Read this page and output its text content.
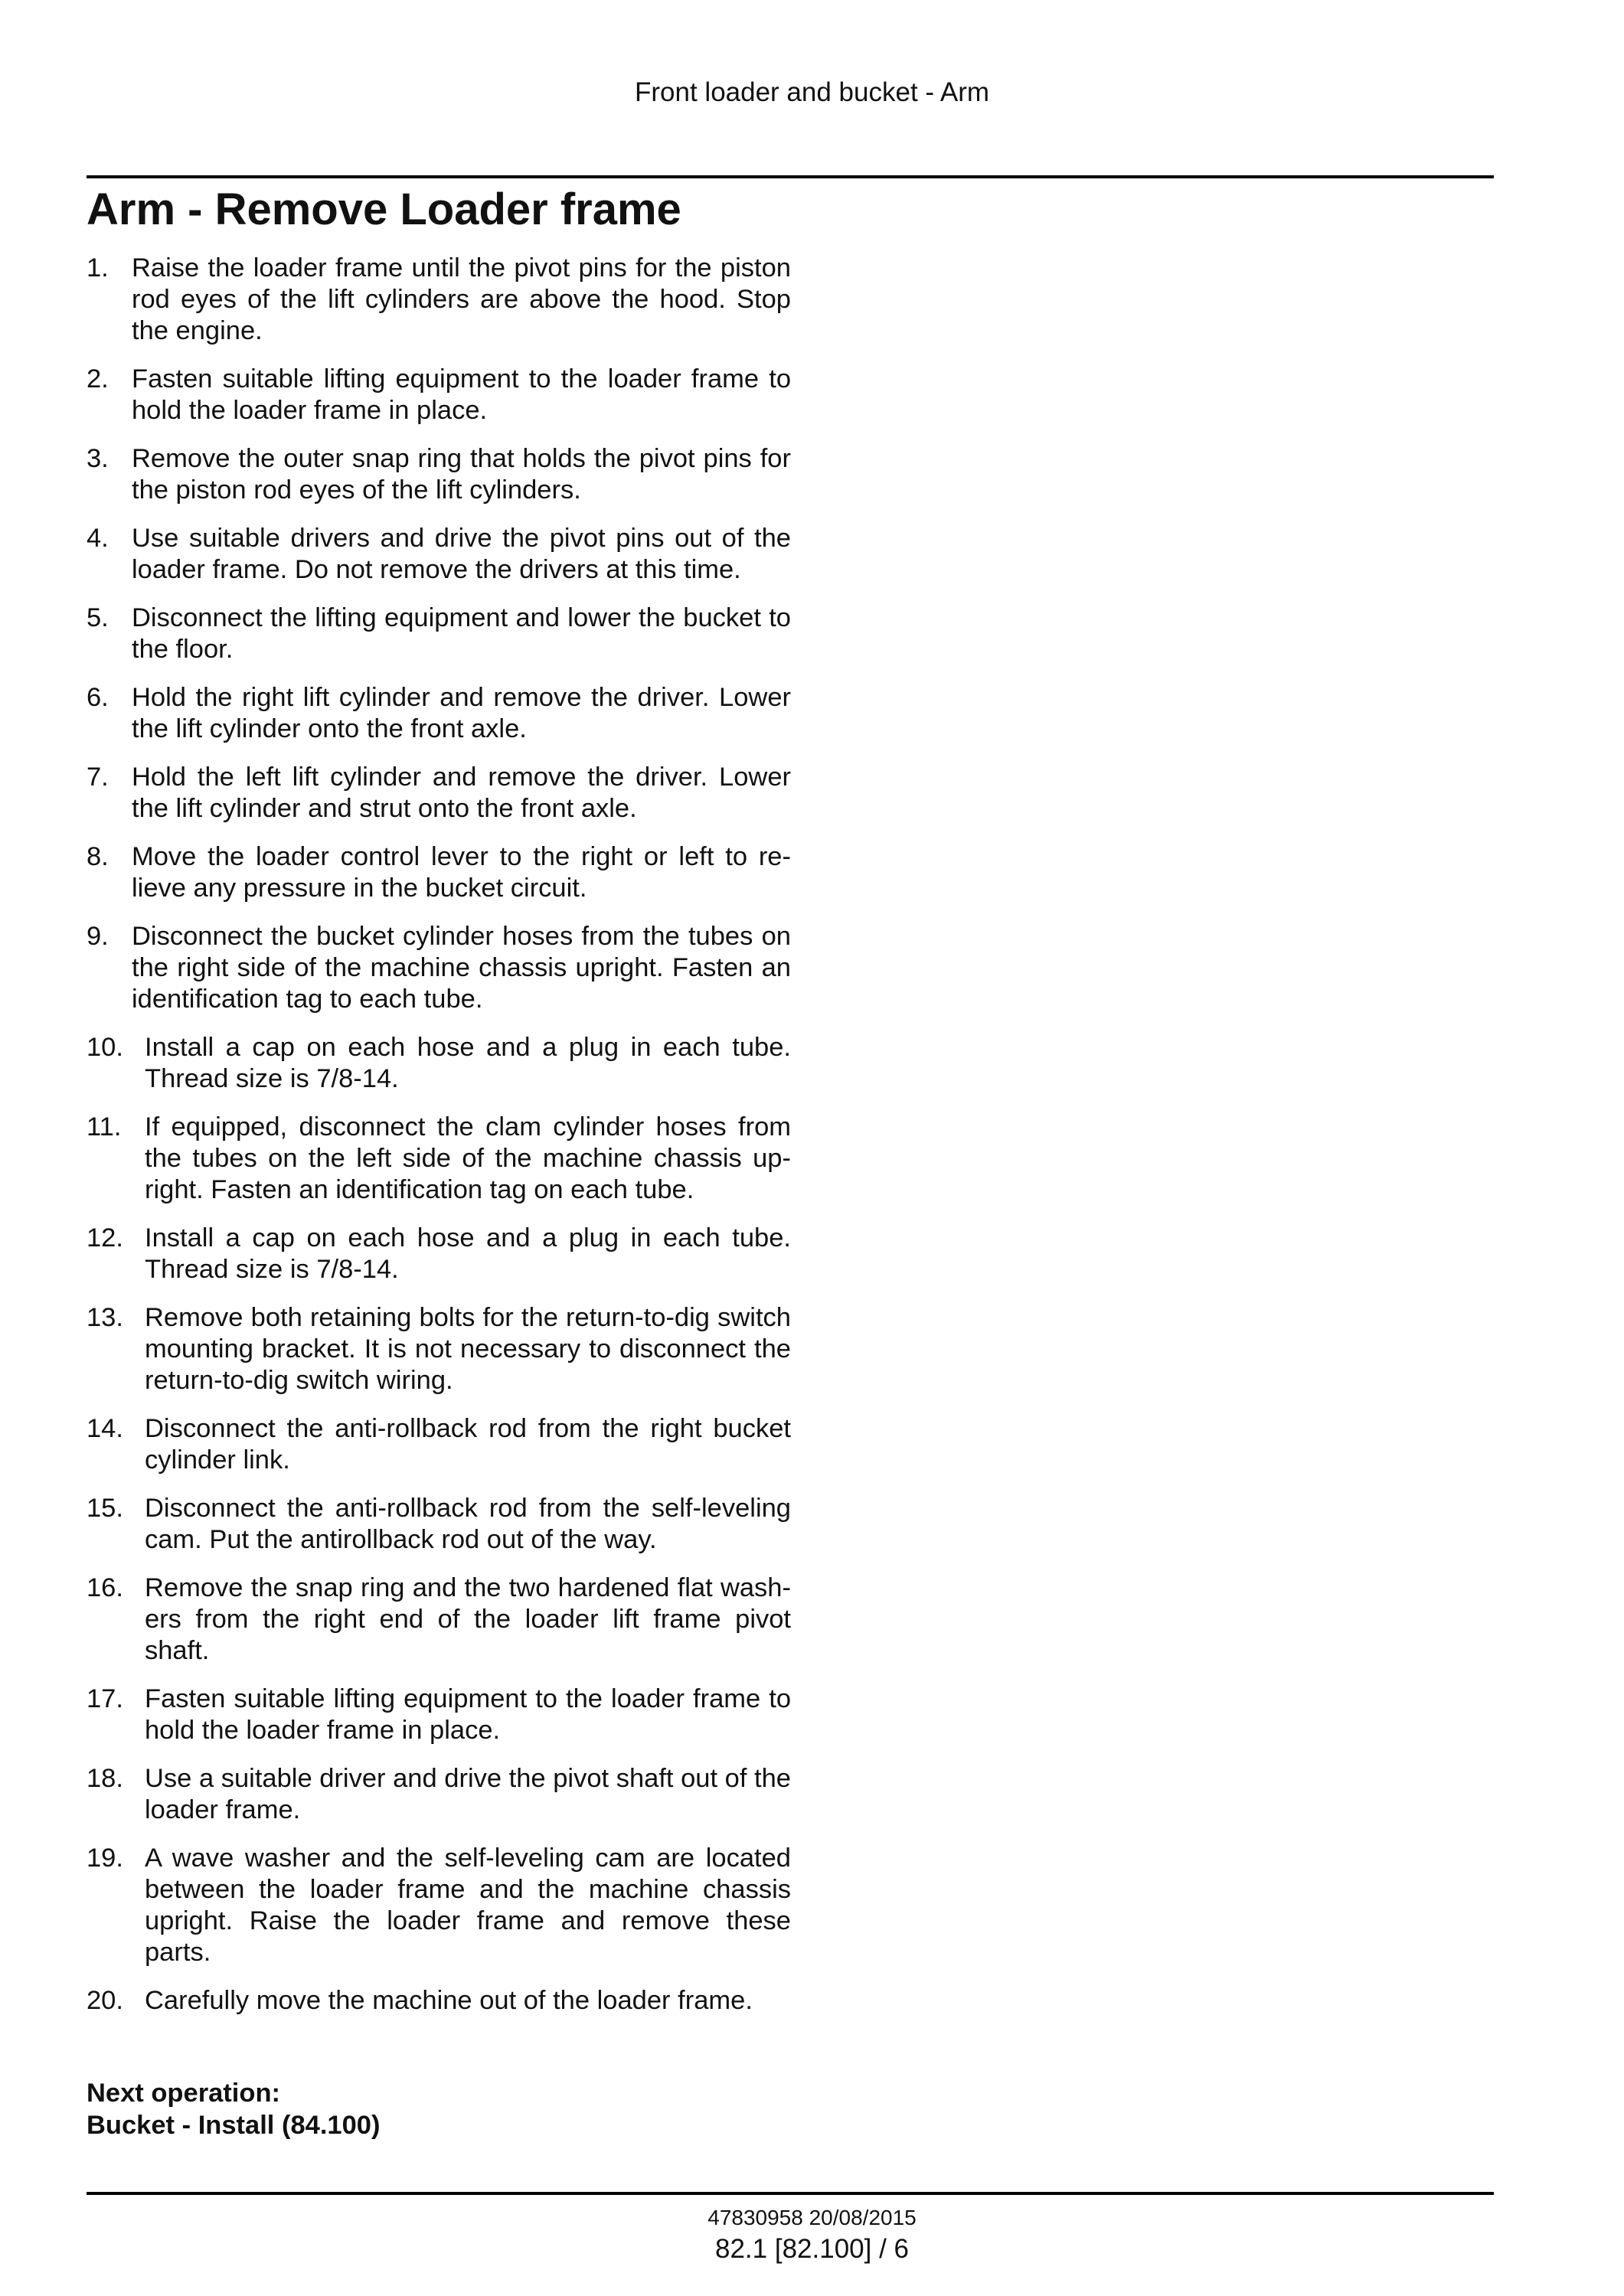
Front loader and bucket - Arm
Arm - Remove Loader frame
1. Raise the loader frame until the pivot pins for the piston rod eyes of the lift cylinders are above the hood. Stop the engine.
2. Fasten suitable lifting equipment to the loader frame to hold the loader frame in place.
3. Remove the outer snap ring that holds the pivot pins for the piston rod eyes of the lift cylinders.
4. Use suitable drivers and drive the pivot pins out of the loader frame. Do not remove the drivers at this time.
5. Disconnect the lifting equipment and lower the bucket to the floor.
6. Hold the right lift cylinder and remove the driver. Lower the lift cylinder onto the front axle.
7. Hold the left lift cylinder and remove the driver. Lower the lift cylinder and strut onto the front axle.
8. Move the loader control lever to the right or left to relieve any pressure in the bucket circuit.
9. Disconnect the bucket cylinder hoses from the tubes on the right side of the machine chassis upright. Fasten an identification tag to each tube.
10. Install a cap on each hose and a plug in each tube. Thread size is 7/8-14.
11. If equipped, disconnect the clam cylinder hoses from the tubes on the left side of the machine chassis upright. Fasten an identification tag on each tube.
12. Install a cap on each hose and a plug in each tube. Thread size is 7/8-14.
13. Remove both retaining bolts for the return-to-dig switch mounting bracket. It is not necessary to disconnect the return-to-dig switch wiring.
14. Disconnect the anti-rollback rod from the right bucket cylinder link.
15. Disconnect the anti-rollback rod from the self-leveling cam. Put the antirollback rod out of the way.
16. Remove the snap ring and the two hardened flat washers from the right end of the loader lift frame pivot shaft.
17. Fasten suitable lifting equipment to the loader frame to hold the loader frame in place.
18. Use a suitable driver and drive the pivot shaft out of the loader frame.
19. A wave washer and the self-leveling cam are located between the loader frame and the machine chassis upright. Raise the loader frame and remove these parts.
20. Carefully move the machine out of the loader frame.
Next operation:
Bucket - Install (84.100)
47830958 20/08/2015
82.1 [82.100] / 6
